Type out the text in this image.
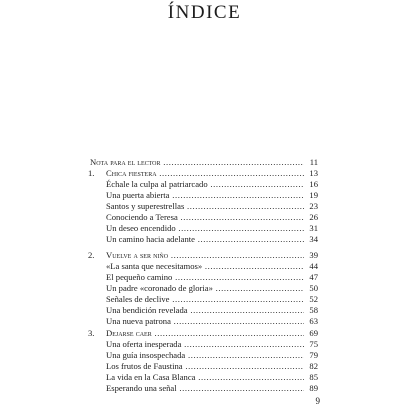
ÍNDICE
Nota para el lector .....	11
1.	Chica fiestera .....	13
Échale la culpa al patriarcado .....	16
Una puerta abierta .....	19
Santos y superestrellas .....	23
Conociendo a Teresa .....	26
Un deseo encendido .....	31
Un camino hacia adelante .....	34
2.	Vuelve a ser niño .....	39
«La santa que necesitamos» .....	44
El pequeño camino .....	47
Un padre «coronado de gloria» .....	50
Señales de declive .....	52
Una bendición revelada .....	58
Una nueva patrona .....	63
3.	Dejarse caer .....	69
Una oferta inesperada .....	75
Una guía insospechada .....	79
Los frutos de Faustina .....	82
La vida en la Casa Blanca .....	85
Esperando una señal .....	89
9
